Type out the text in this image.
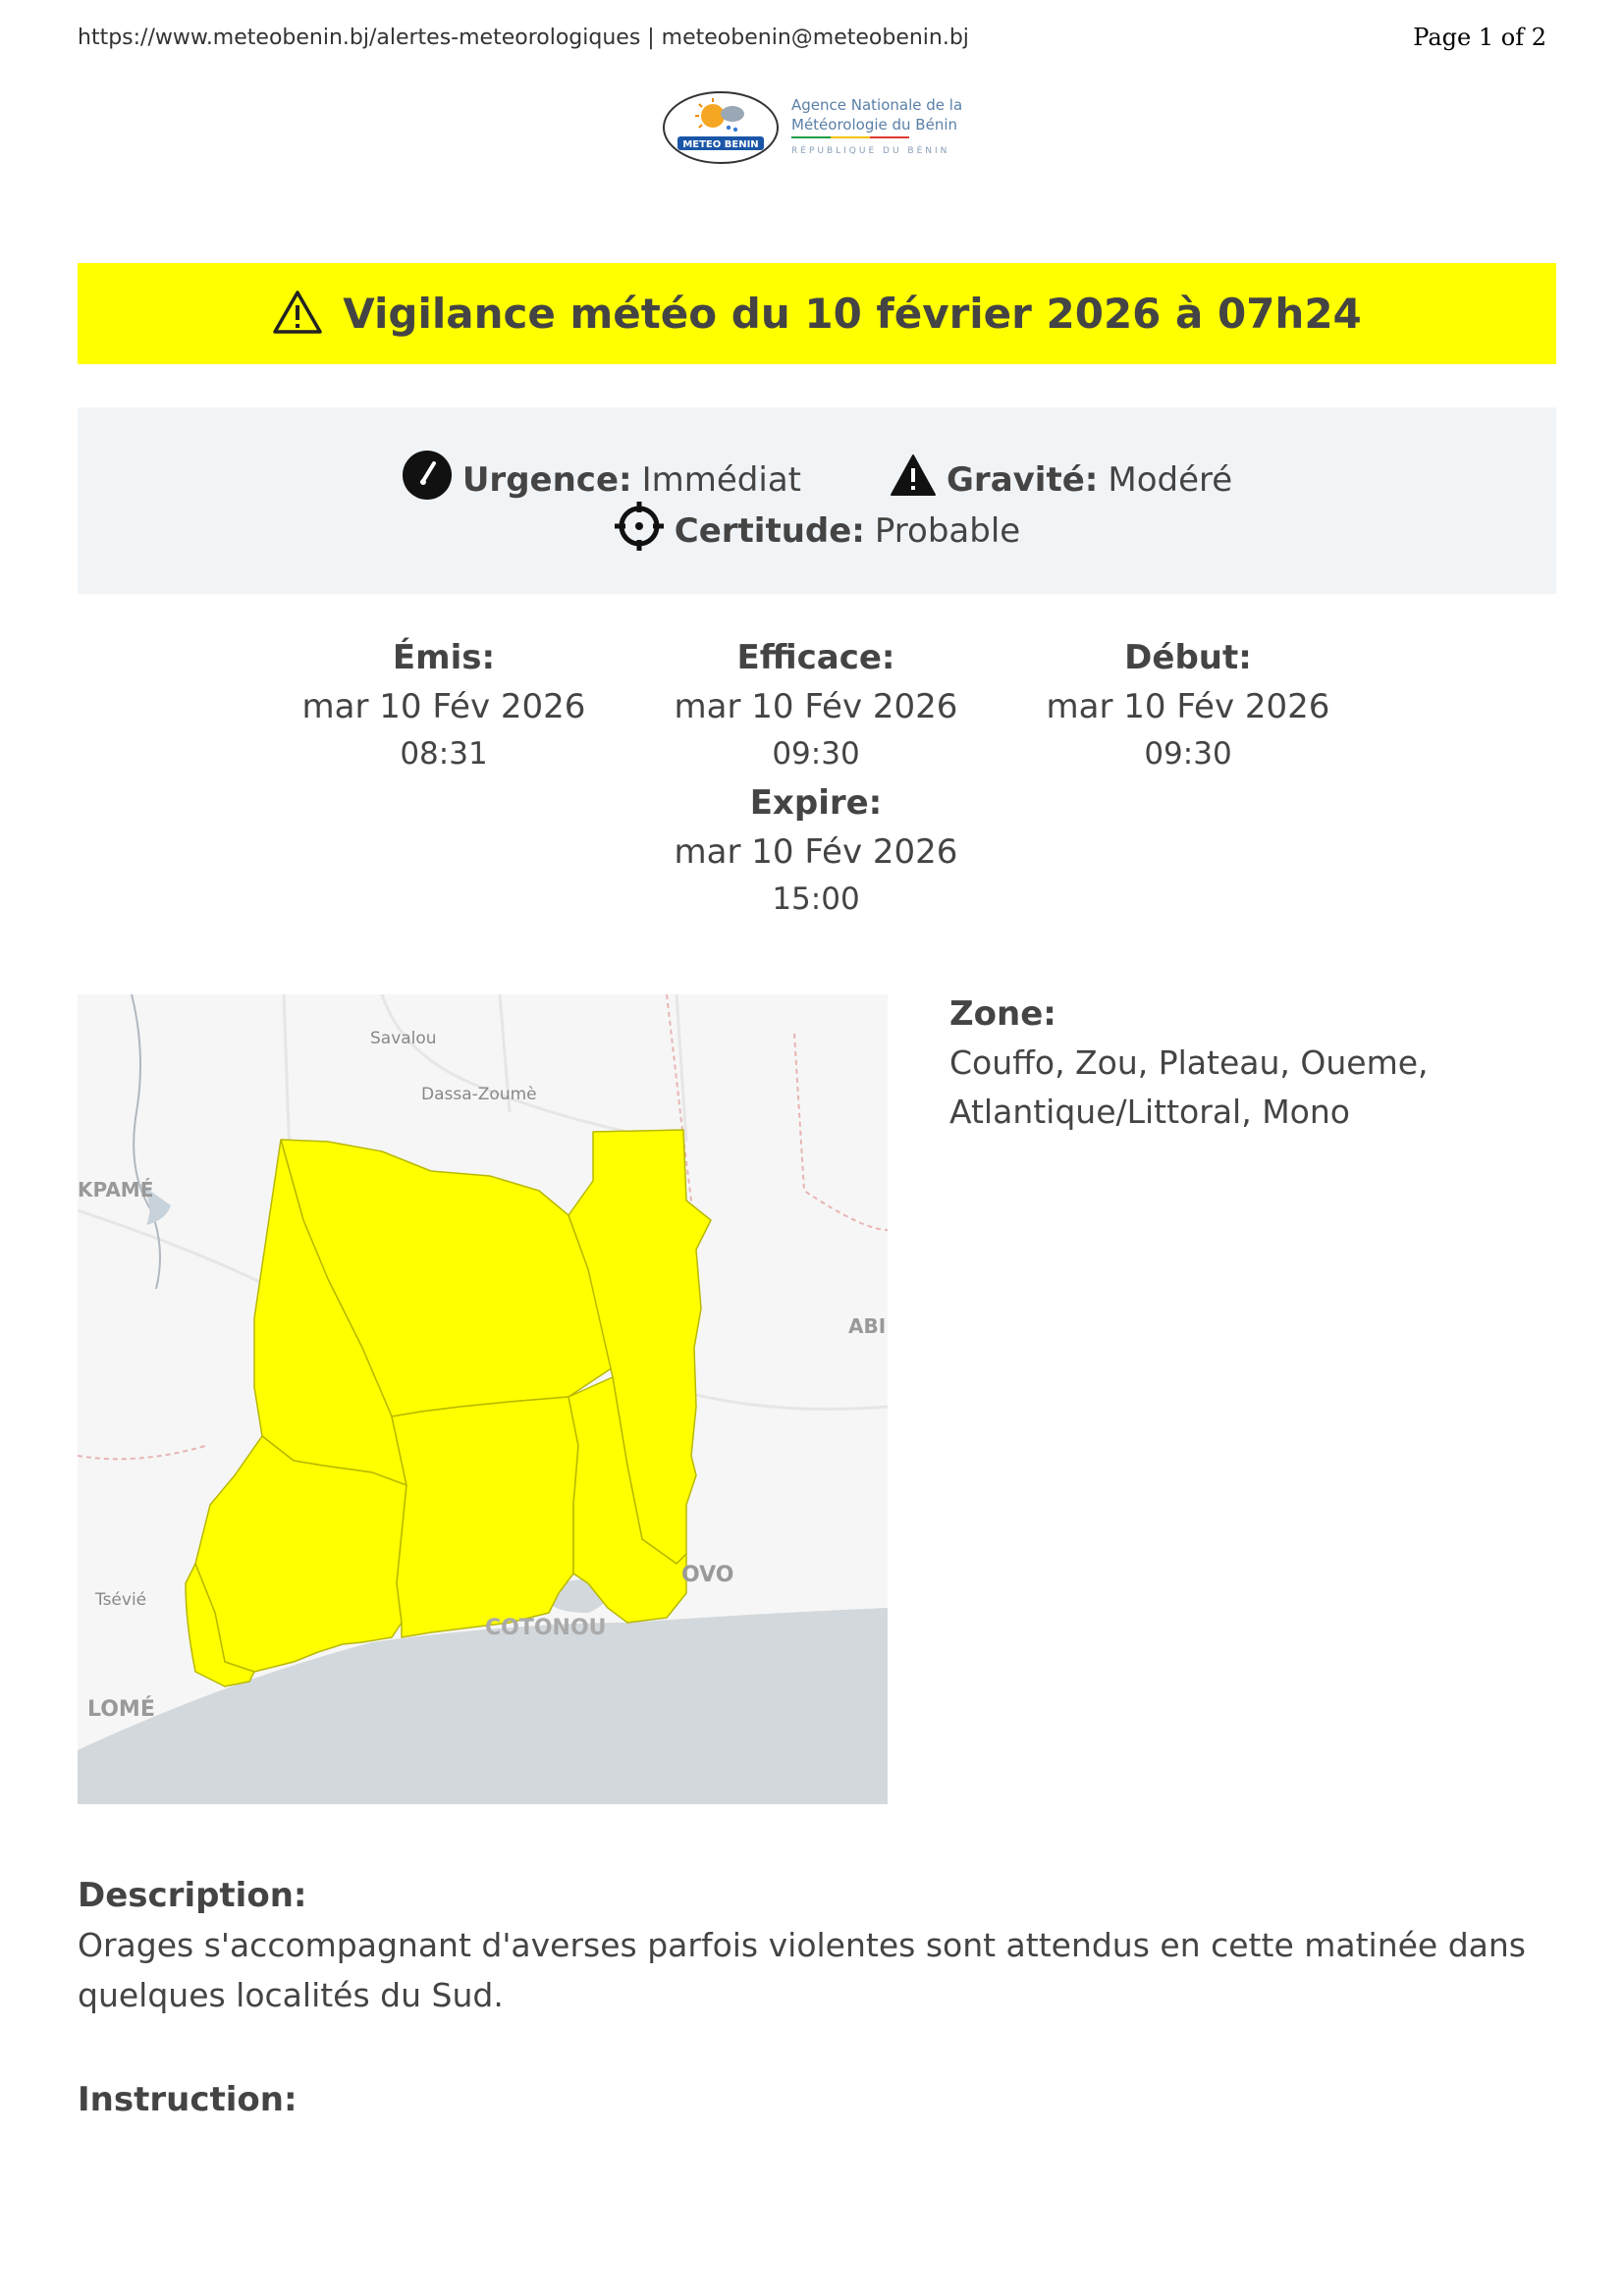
https://www.meteobenin.bj/alertes-meteorologiques | meteobenin@meteobenin.bj	Page 1 of 2
METEO BENIN
Agence Nationale de la
Météorologie du Bénin
RÉPUBLIQUE DU BÉNIN
Vigilance météo du 10 février 2026 à 07h24
Urgence: Immédiat	Gravité: Modéré
Certitude: Probable
Émis:
mar 10 Fév 2026
08:31
Efficace:
mar 10 Fév 2026
09:30
Début:
mar 10 Fév 2026
09:30
Expire:
mar 10 Fév 2026
15:00
Savalou
Dassa-Zoumè
KPAMÉ
ABI
Tsévié
LOMÉ
OVO
COTONOU
Zone:
Couffo, Zou, Plateau, Oueme,
Atlantique/Littoral, Mono
Description:
Orages s'accompagnant d'averses parfois violentes sont attendus en cette matinée dans
quelques localités du Sud.
Instruction:
